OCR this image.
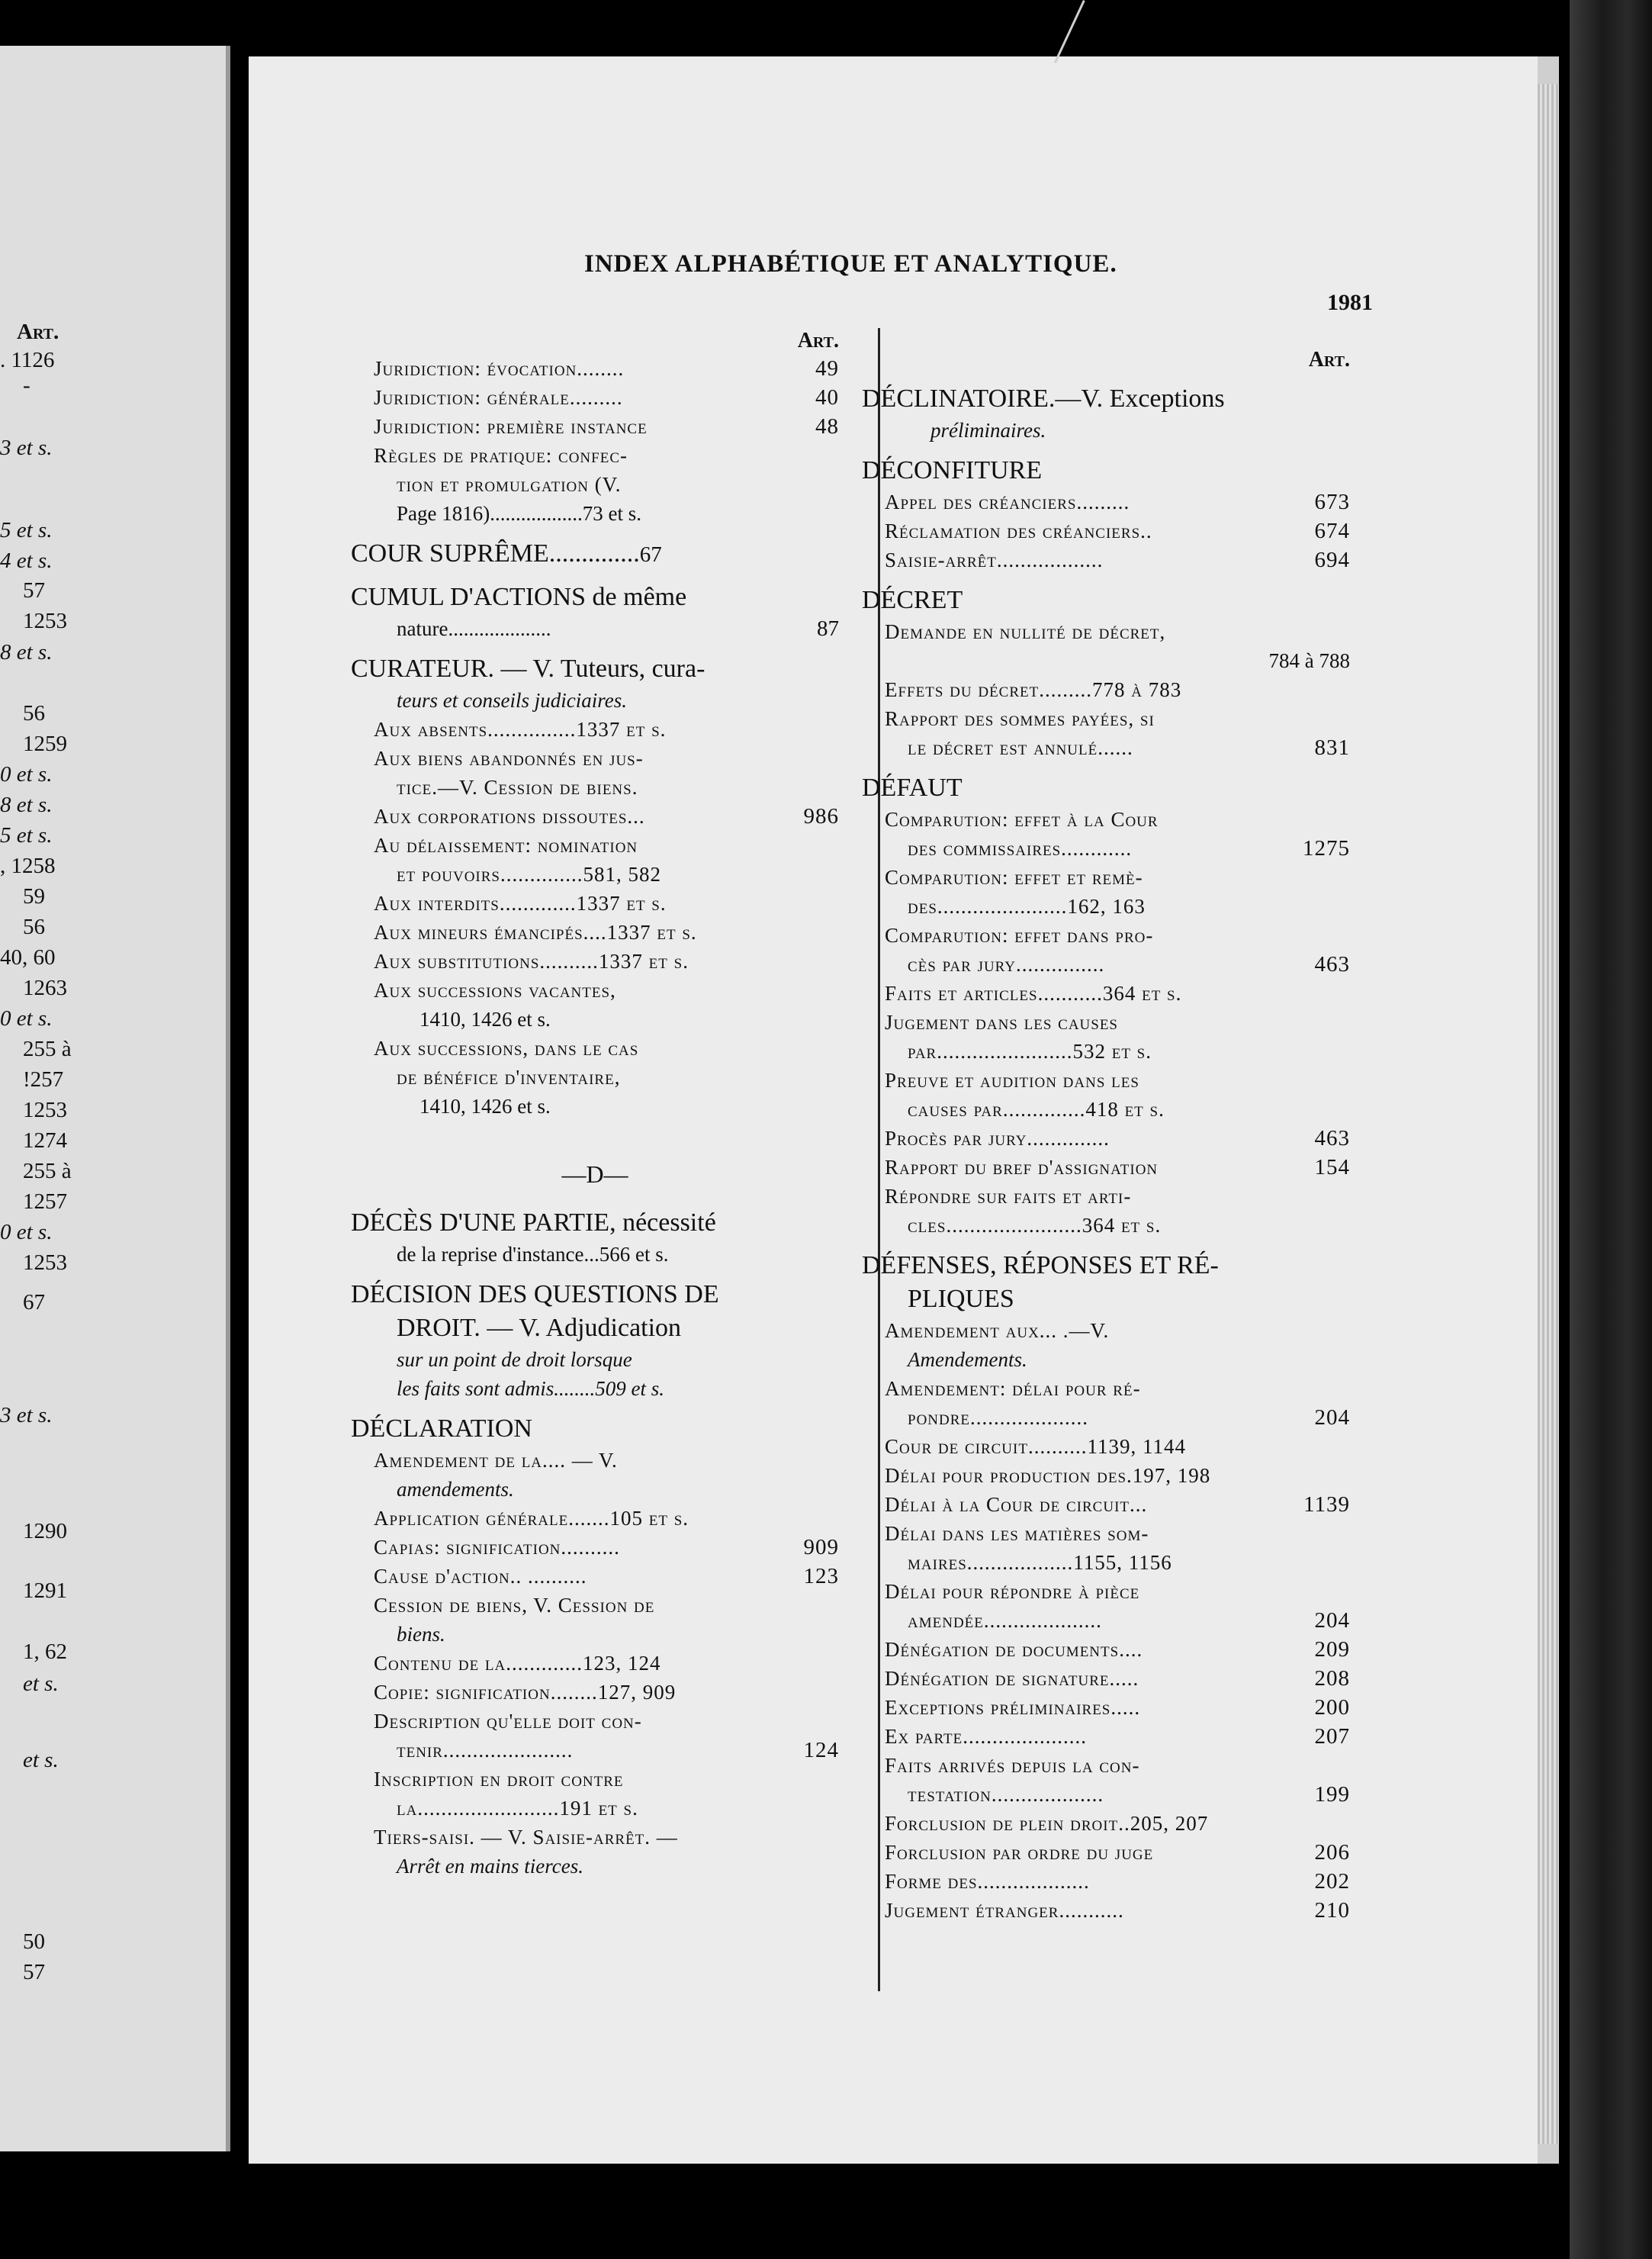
Art.
. 1126
-
3 et s.
5 et s.
4 et s.
57
1253
8 et s.
56
1259
0 et s.
8 et s.
5 et s.
, 1258
59
56
40, 60
1263
0 et s.
255 à
!257
1253
1274
255 à
1257
0 et s.
1253
67
3 et s.
1290
1291
1, 62
et s.
et s.
50
57
INDEX ALPHABÉTIQUE ET ANALYTIQUE.
1981
Art.
Juridiction: évocation........	49
Juridiction: générale.........	40
Juridiction: première instance	48
Règles de pratique: confec-
tion et promulgation (V.
Page 1816)..................73 et s.
COUR SUPRÊME..............67
CUMUL D'ACTIONS de même
nature....................	87
CURATEUR. — V. Tuteurs, cura-
teurs et conseils judiciaires.
Aux absents...............1337 et s.
Aux biens abandonnés en jus-
tice.—V. Cession de biens.
Aux corporations dissoutes...	986
Au délaissement: nomination
et pouvoirs..............581, 582
Aux interdits.............1337 et s.
Aux mineurs émancipés....1337 et s.
Aux substitutions..........1337 et s.
Aux successions vacantes,
1410, 1426 et s.
Aux successions, dans le cas
de bénéfice d'inventaire,
1410, 1426 et s.
—D—
DÉCÈS D'UNE PARTIE, nécessité
de la reprise d'instance...566 et s.
DÉCISION DES QUESTIONS DE
DROIT. — V. Adjudication
sur un point de droit lorsque
les faits sont admis........509 et s.
DÉCLARATION
Amendement de la.... — V.
amendements.
Application générale.......105 et s.
Capias: signification..........	909
Cause d'action.. ..........	123
Cession de biens, V. Cession de
biens.
Contenu de la.............123, 124
Copie: signification........127, 909
Description qu'elle doit con-
tenir......................	124
Inscription en droit contre
la........................191 et s.
Tiers-saisi. — V. Saisie-arrêt. —
Arrêt en mains tierces.
Art.
DÉCLINATOIRE.—V. Exceptions
préliminaires.
DÉCONFITURE
Appel des créanciers.........	673
Réclamation des créanciers..	674
Saisie-arrêt..................	694
DÉCRET
Demande en nullité de décret,
784 à 788
Effets du décret.........778 à 783
Rapport des sommes payées, si
le décret est annulé......	831
DÉFAUT
Comparution: effet à la Cour
des commissaires............	1275
Comparution: effet et remè-
des......................162, 163
Comparution: effet dans pro-
cès par jury...............	463
Faits et articles...........364 et s.
Jugement dans les causes
par.......................532 et s.
Preuve et audition dans les
causes par..............418 et s.
Procès par jury..............	463
Rapport du bref d'assignation	154
Répondre sur faits et arti-
cles.......................364 et s.
DÉFENSES, RÉPONSES ET RÉ-
PLIQUES
Amendement aux... .—V.
Amendements.
Amendement: délai pour ré-
pondre....................	204
Cour de circuit..........1139, 1144
Délai pour production des.197, 198
Délai à la Cour de circuit...	1139
Délai dans les matières som-
maires..................1155, 1156
Délai pour répondre à pièce
amendée....................	204
Dénégation de documents....	209
Dénégation de signature.....	208
Exceptions préliminaires.....	200
Ex parte.....................	207
Faits arrivés depuis la con-
testation...................	199
Forclusion de plein droit..205, 207
Forclusion par ordre du juge	206
Forme des...................	202
Jugement étranger...........	210
